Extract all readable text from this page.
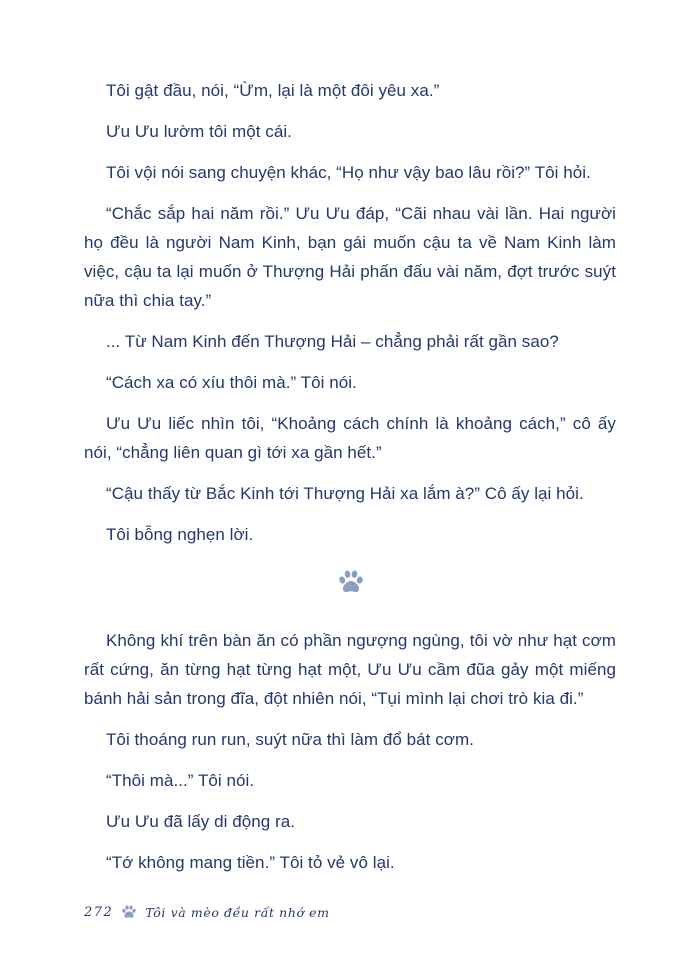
Tôi gật đầu, nói, “Ừm, lại là một đôi yêu xa.”

Ưu Ưu lườm tôi một cái.

Tôi vội nói sang chuyện khác, “Họ như vậy bao lâu rồi?” Tôi hỏi.

“Chắc sắp hai năm rồi.” Ưu Ưu đáp, “Cãi nhau vài lần. Hai người họ đều là người Nam Kinh, bạn gái muốn cậu ta về Nam Kinh làm việc, cậu ta lại muốn ở Thượng Hải phấn đấu vài năm, đợt trước suýt nữa thì chia tay.”

... Từ Nam Kinh đến Thượng Hải – chẳng phải rất gần sao?

“Cách xa có xíu thôi mà.” Tôi nói.

Ưu Ưu liếc nhìn tôi, “Khoảng cách chính là khoảng cách,” cô ấy nói, “chẳng liên quan gì tới xa gần hết.”

“Cậu thấy từ Bắc Kinh tới Thượng Hải xa lắm à?” Cô ấy lại hỏi.

Tôi bỗng nghẹn lời.

Không khí trên bàn ăn có phần ngượng ngùng, tôi vờ như hạt cơm rất cứng, ăn từng hạt từng hạt một, Ưu Ưu cầm đũa gảy một miếng bánh hải sản trong đĩa, đột nhiên nói, “Tụi mình lại chơi trò kia đi.”

Tôi thoáng run run, suýt nữa thì làm đổ bát cơm.

“Thôi mà...” Tôi nói.

Ưu Ưu đã lấy di động ra.

“Tớ không mang tiền.” Tôi tỏ vẻ vô lại.

272	Tôi và mèo đều rất nhớ em
